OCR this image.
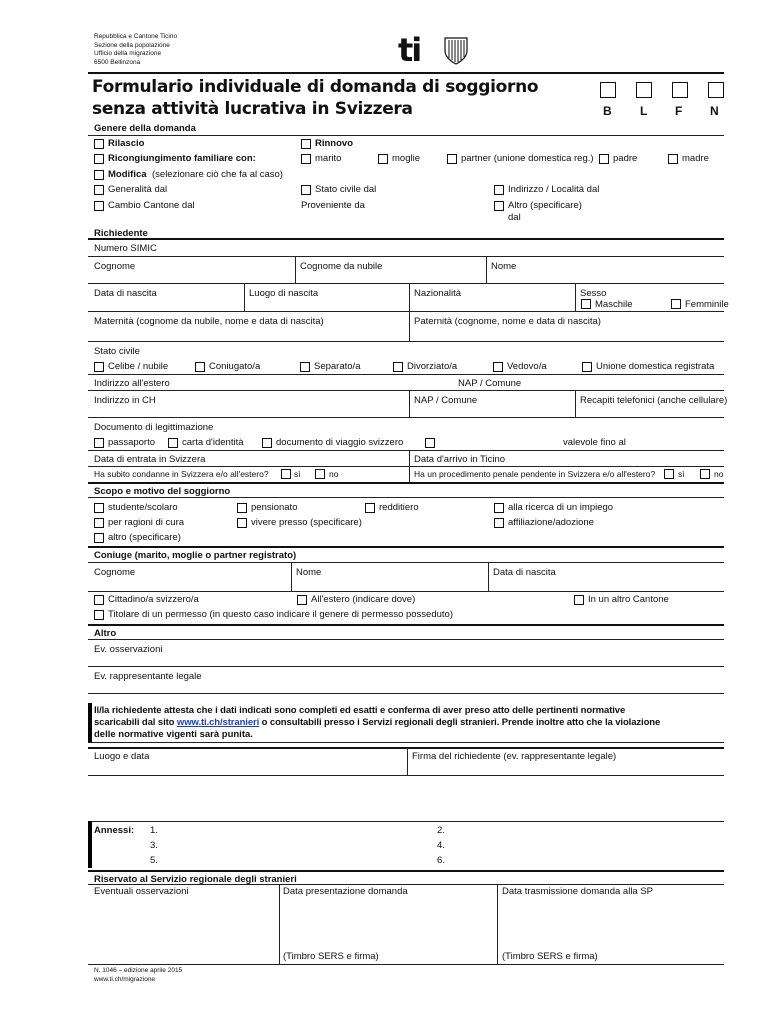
Repubblica e Cantone Ticino
Sezione della popolazione
Ufficio della migrazione
6500 Bellinzona	ti
Formulario individuale di domanda di soggiorno
senza attività lucrativa in Svizzera	B L F N
Genere della domanda
Rilascio	Rinnovo
Ricongiungimento familiare con:	marito	moglie	partner (unione domestica reg.) padre	madre
Modifica (selezionare ciò che fa al caso)
Generalità dal	Stato civile dal	Indirizzo / Località dal
Cambio Cantone dal	Proveniente da	Altro (specificare)
dal
Richiedente
Numero SIMIC
Cognome	Cognome da nubile	Nome
Data di nascita	Luogo di nascita	Nazionalità	Sesso
Maschile	Femminile
Maternità (cognome da nubile, nome e data di nascita)	Paternità (cognome, nome e data di nascita)
Stato civile
Celibe / nubile	Coniugato/a	Separato/a	Divorziato/a	Vedovo/a	Unione domestica registrata
Indirizzo all'estero	NAP / Comune
Indirizzo in CH	NAP / Comune	Recapiti telefonici (anche cellulare)
Documento di legittimazione
passaporto	carta d'identità	documento di viaggio svizzero	valevole fino al
Data di entrata in Svizzera	Data d'arrivo in Ticino
Ha subito condanne in Svizzera e/o all'estero?	sì	no	Ha un procedimento penale pendente in Svizzera e/o all'estero?	sì	no
Scopo e motivo del soggiorno
studente/scolaro	pensionato	redditiero	alla ricerca di un impiego
per ragioni di cura	vivere presso (specificare)	affiliazione/adozione
altro (specificare)
Coniuge (marito, moglie o partner registrato)
Cognome	Nome	Data di nascita
Cittadino/a svizzero/a	All'estero (indicare dove)	In un altro Cantone
Titolare di un permesso (in questo caso indicare il genere di permesso posseduto)
Altro
Ev. osservazioni
Ev. rappresentante legale
Il/la richiedente attesta che i dati indicati sono completi ed esatti e conferma di aver preso atto delle pertinenti normative
scaricabili dal sito www.ti.ch/stranieri o consultabili presso i Servizi regionali degli stranieri. Prende inoltre atto che la violazione
delle normative vigenti sarà punita.
Luogo e data	Firma del richiedente (ev. rappresentante legale)
Annessi: 1.	2.
3.	4.
5.	6.
Riservato al Servizio regionale degli stranieri
Eventuali osservazioni	Data presentazione domanda	Data trasmissione domanda alla SP
(Timbro SERS e firma)	(Timbro SERS e firma)
N. 1046 – edizione aprile 2015
www.ti.ch/migrazione
